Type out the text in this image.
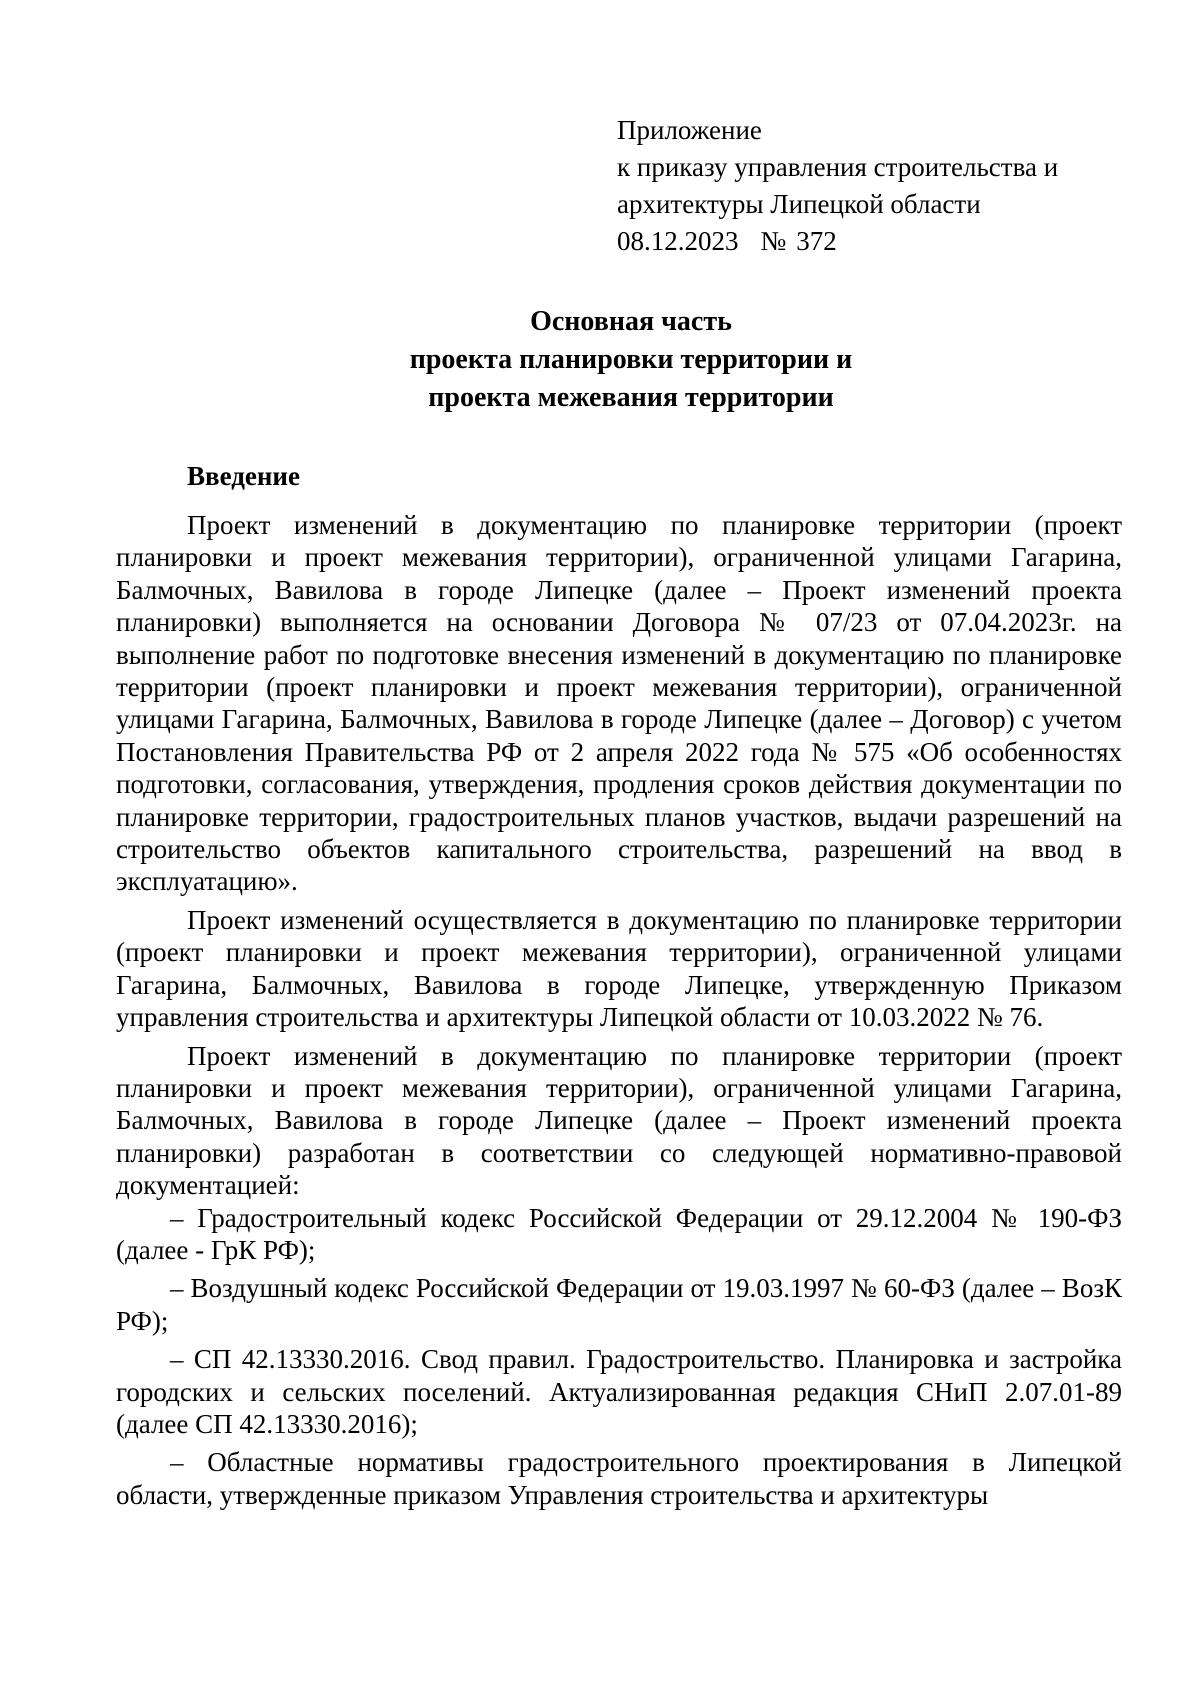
Приложение
к приказу управления строительства и
архитектуры Липецкой области
08.12.2023 № 372
Основная часть
проекта планировки территории и
проекта межевания территории
Введение

Проект изменений в документацию по планировке территории (проект планировки и проект межевания территории), ограниченной улицами Гагарина, Балмочных, Вавилова в городе Липецке (далее – Проект изменений проекта планировки) выполняется на основании Договора № 07/23 от 07.04.2023г. на выполнение работ по подготовке внесения изменений в документацию по планировке территории (проект планировки и проект межевания территории), ограниченной улицами Гагарина, Балмочных, Вавилова в городе Липецке (далее – Договор) с учетом Постановления Правительства РФ от 2 апреля 2022 года № 575 «Об особенностях подготовки, согласования, утверждения, продления сроков действия документации по планировке территории, градостроительных планов участков, выдачи разрешений на строительство объектов капитального строительства, разрешений на ввод в эксплуатацию».

Проект изменений осуществляется в документацию по планировке территории (проект планировки и проект межевания территории), ограниченной улицами Гагарина, Балмочных, Вавилова в городе Липецке, утвержденную Приказом управления строительства и архитектуры Липецкой области от 10.03.2022 № 76.

Проект изменений в документацию по планировке территории (проект планировки и проект межевания территории), ограниченной улицами Гагарина, Балмочных, Вавилова в городе Липецке (далее – Проект изменений проекта планировки) разработан в соответствии со следующей нормативно-правовой документацией:

– Градостроительный кодекс Российской Федерации от 29.12.2004 № 190-ФЗ (далее - ГрК РФ);

– Воздушный кодекс Российской Федерации от 19.03.1997 № 60-ФЗ (далее – ВозК РФ);

– СП 42.13330.2016. Свод правил. Градостроительство. Планировка и застройка городских и сельских поселений. Актуализированная редакция СНиП 2.07.01-89 (далее СП 42.13330.2016);

– Областные нормативы градостроительного проектирования в Липецкой области, утвержденные приказом Управления строительства и архитектуры
